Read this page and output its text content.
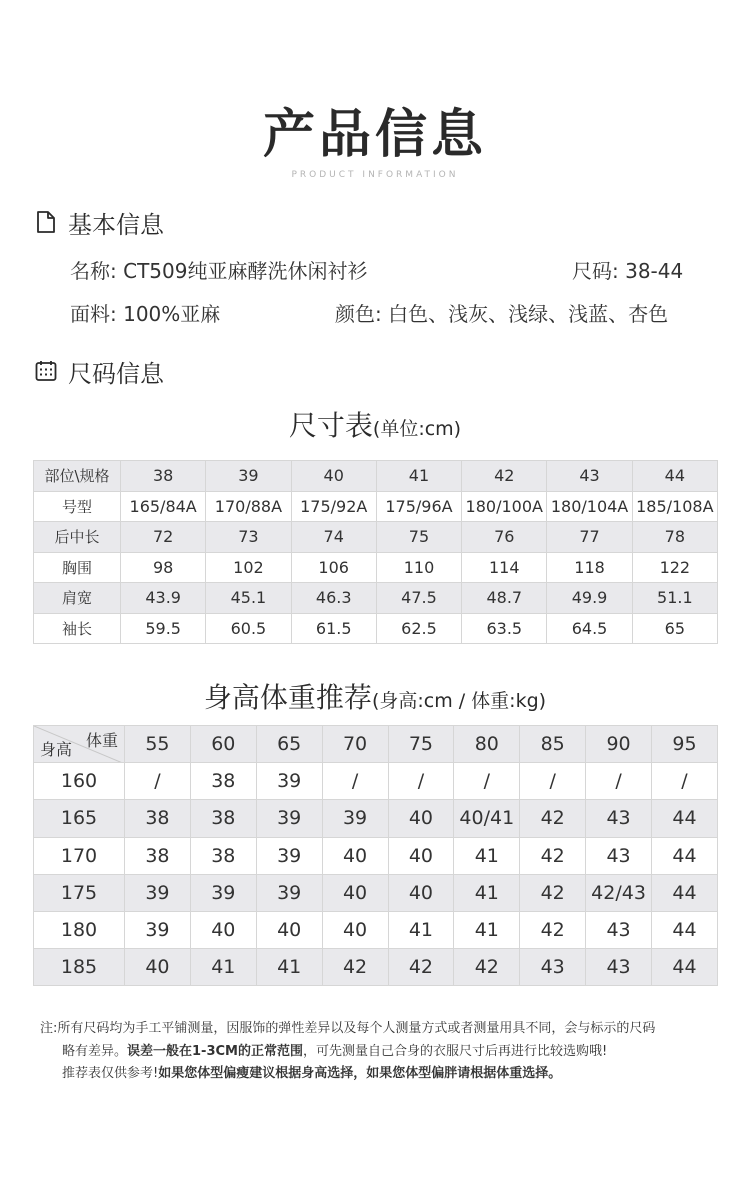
产品信息
PRODUCT INFORMATION
基本信息
名称: CT509纯亚麻酵洗休闲衬衫	尺码: 38-44
面料: 100%亚麻	颜色: 白色、浅灰、浅绿、浅蓝、杏色
尺码信息
尺寸表(单位:cm)
部位\规格	38	39	40	41	42	43	44
号型	165/84A	170/88A	175/92A	175/96A	180/100A	180/104A	185/108A
后中长	72	73	74	75	76	77	78
胸围	98	102	106	110	114	118	122
肩宽	43.9	45.1	46.3	47.5	48.7	49.9	51.1
袖长	59.5	60.5	61.5	62.5	63.5	64.5	65
身高体重推荐(身高:cm / 体重:kg)
体重
身高	55	60	65	70	75	80	85	90	95
160	/	38	39	/	/	/	/	/	/
165	38	38	39	39	40	40/41	42	43	44
170	38	38	39	40	40	41	42	43	44
175	39	39	39	40	40	41	42	42/43	44
180	39	40	40	40	41	41	42	43	44
185	40	41	41	42	42	42	43	43	44
注:所有尺码均为手工平铺测量，因服饰的弹性差异以及每个人测量方式或者测量用具不同，会与标示的尺码
略有差异。误差一般在1-3CM的正常范围，可先测量自己合身的衣服尺寸后再进行比较选购哦!
推荐表仅供参考!如果您体型偏瘦建议根据身高选择，如果您体型偏胖请根据体重选择。
